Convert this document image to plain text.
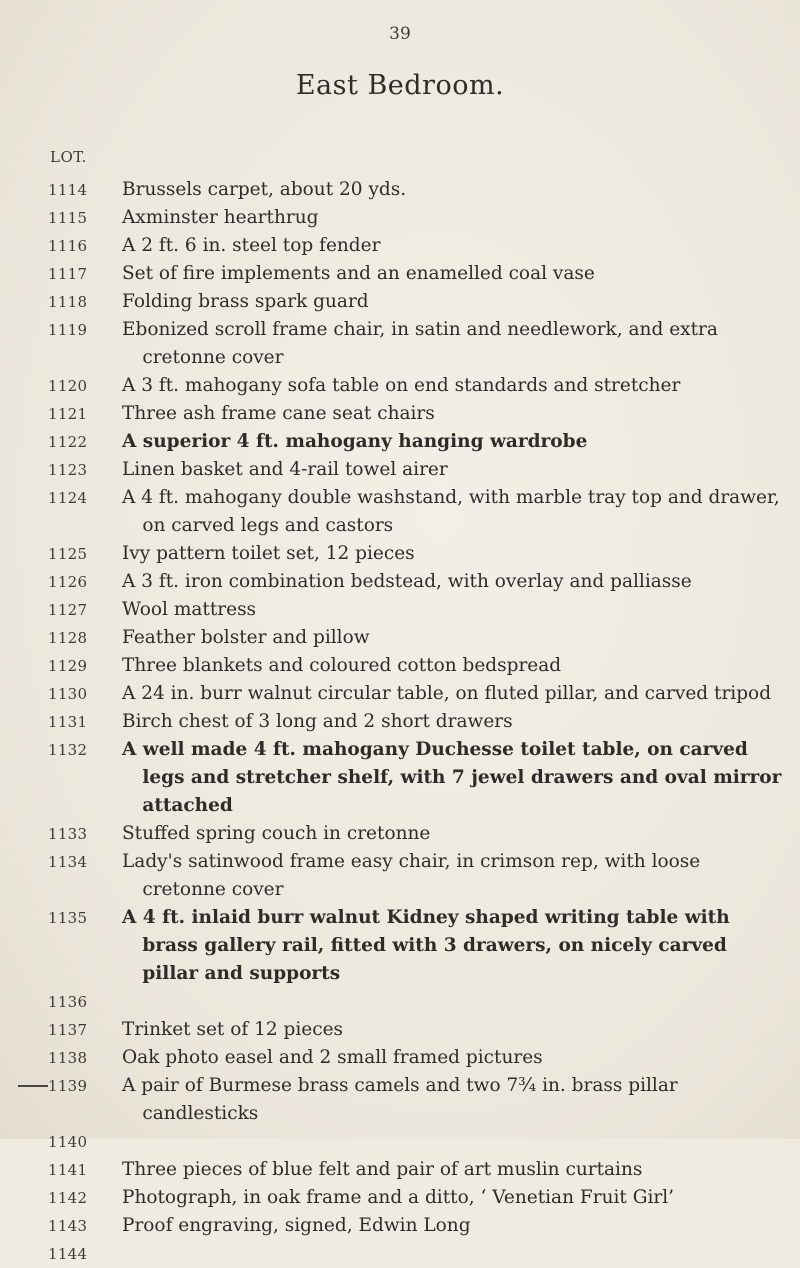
39
East Bedroom.
LOT.
1114	Brussels carpet, about 20 yds.
1115	Axminster hearthrug
1116	A 2 ft. 6 in. steel top fender
1117	Set of fire implements and an enamelled coal vase
1118	Folding brass spark guard
1119	Ebonized scroll frame chair, in satin and needlework, and extra cretonne cover
1120	A 3 ft. mahogany sofa table on end standards and stretcher
1121	Three ash frame cane seat chairs
1122	A superior 4 ft. mahogany hanging wardrobe
1123	Linen basket and 4-rail towel airer
1124	A 4 ft. mahogany double washstand, with marble tray top and drawer, on carved legs and castors
1125	Ivy pattern toilet set, 12 pieces
1126	A 3 ft. iron combination bedstead, with overlay and palliasse
1127	Wool mattress
1128	Feather bolster and pillow
1129	Three blankets and coloured cotton bedspread
1130	A 24 in. burr walnut circular table, on fluted pillar, and carved tripod
1131	Birch chest of 3 long and 2 short drawers
1132	A well made 4 ft. mahogany Duchesse toilet table, on carved legs and stretcher shelf, with 7 jewel drawers and oval mirror attached
1133	Stuffed spring couch in cretonne
1134	Lady's satinwood frame easy chair, in crimson rep, with loose cretonne cover
1135	A 4 ft. inlaid burr walnut Kidney shaped writing table with brass gallery rail, fitted with 3 drawers, on nicely carved pillar and supports
1136
1137	Trinket set of 12 pieces
1138	Oak photo easel and 2 small framed pictures
1139	A pair of Burmese brass camels and two 7¾ in. brass pillar candlesticks
1140
1141	Three pieces of blue felt and pair of art muslin curtains
1142	Photograph, in oak frame and a ditto, ‘ Venetian Fruit Girl’
1143	Proof engraving, signed, Edwin Long
1144
